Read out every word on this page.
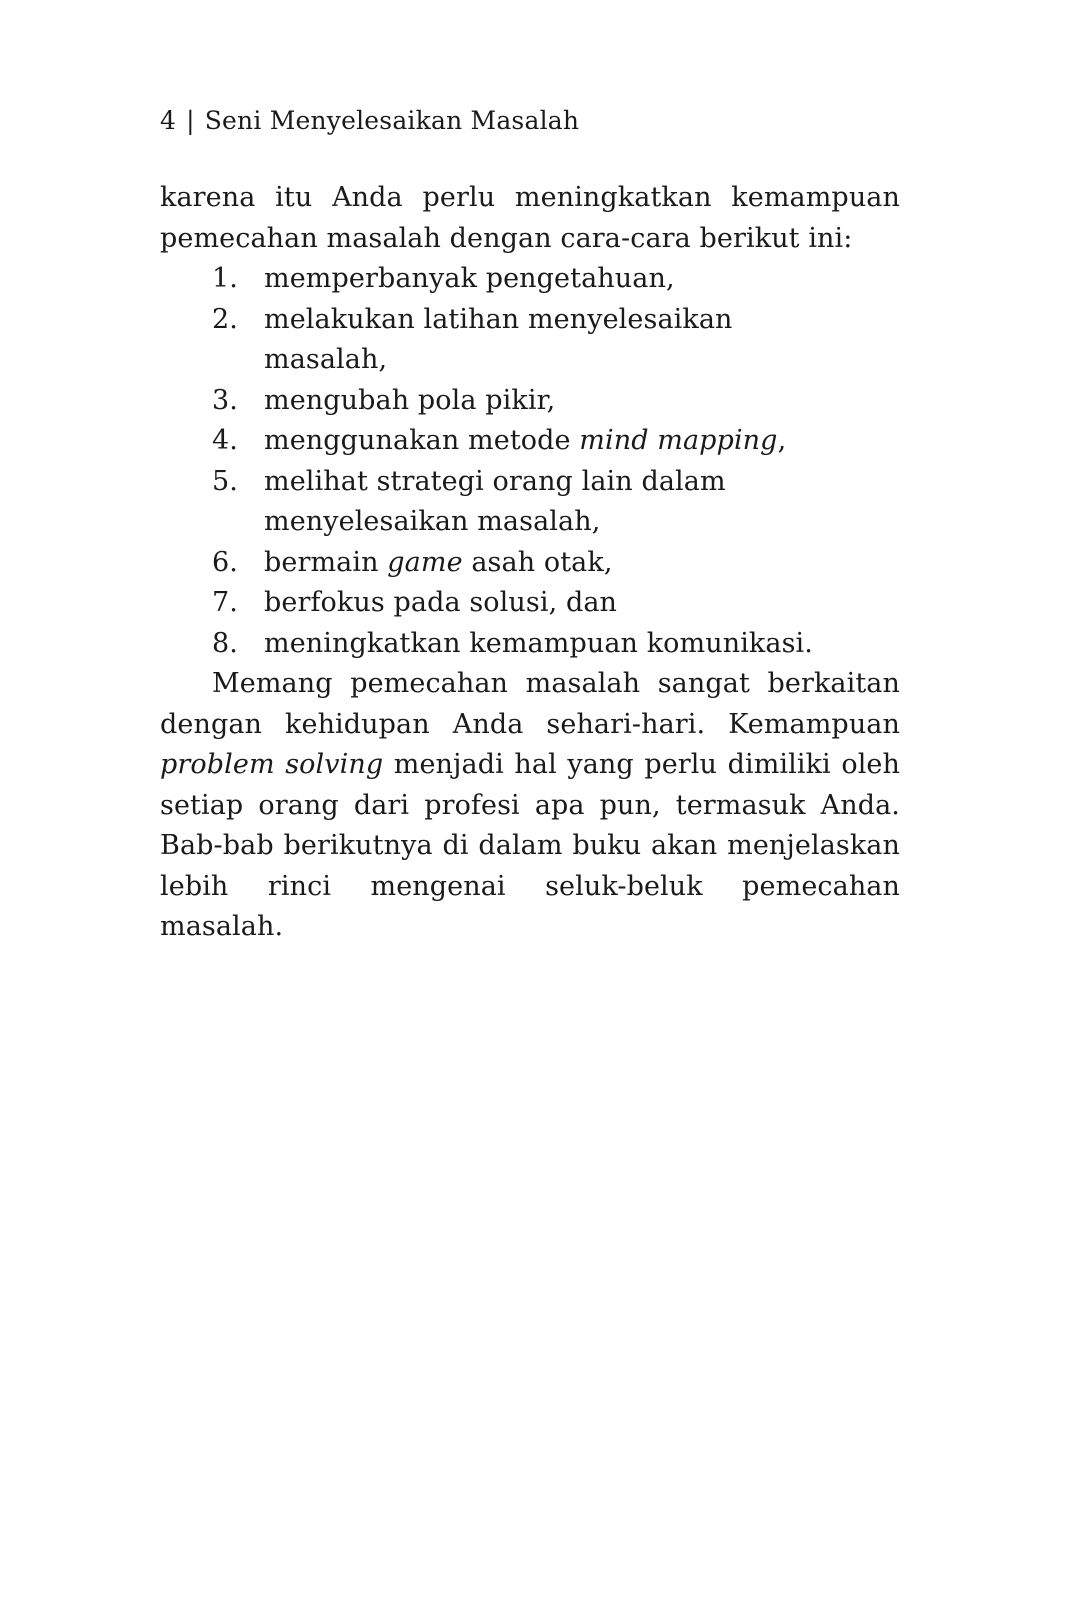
4 | Seni Menyelesaikan Masalah

karena itu Anda perlu meningkatkan kemampuan pemecahan masalah dengan cara-cara berikut ini:

1. memperbanyak pengetahuan,
2. melakukan latihan menyelesaikan masalah,
3. mengubah pola pikir,
4. menggunakan metode mind mapping,
5. melihat strategi orang lain dalam menyelesaikan masalah,
6. bermain game asah otak,
7. berfokus pada solusi, dan
8. meningkatkan kemampuan komunikasi.

Memang pemecahan masalah sangat berkaitan dengan kehidupan Anda sehari-hari. Kemampuan problem solving menjadi hal yang perlu dimiliki oleh setiap orang dari profesi apa pun, termasuk Anda. Bab-bab berikutnya di dalam buku akan menjelaskan lebih rinci mengenai seluk-beluk pemecahan masalah.
